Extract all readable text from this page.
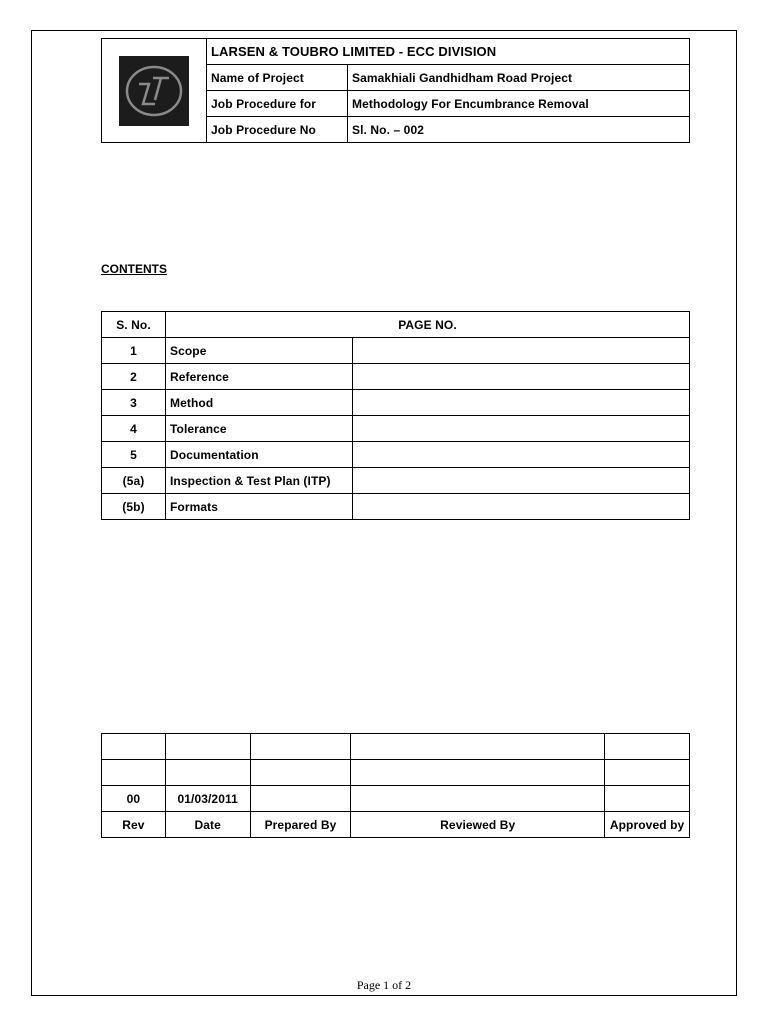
	LARSEN & TOUBRO LIMITED - ECC DIVISION	
	Name of Project	Samakhiali Gandhidham Road Project
	Job Procedure for	Methodology For Encumbrance Removal
	Job Procedure No	Sl. No. – 002
CONTENTS
S. No.	PAGE NO.	
1	Scope	
2	Reference	
3	Method	
4	Tolerance	
5	Documentation	
(5a)	Inspection & Test Plan (ITP)	
(5b)	Formats	

00	01/03/2011			
Rev	Date	Prepared By	Reviewed By	Approved by
Page 1 of 2
